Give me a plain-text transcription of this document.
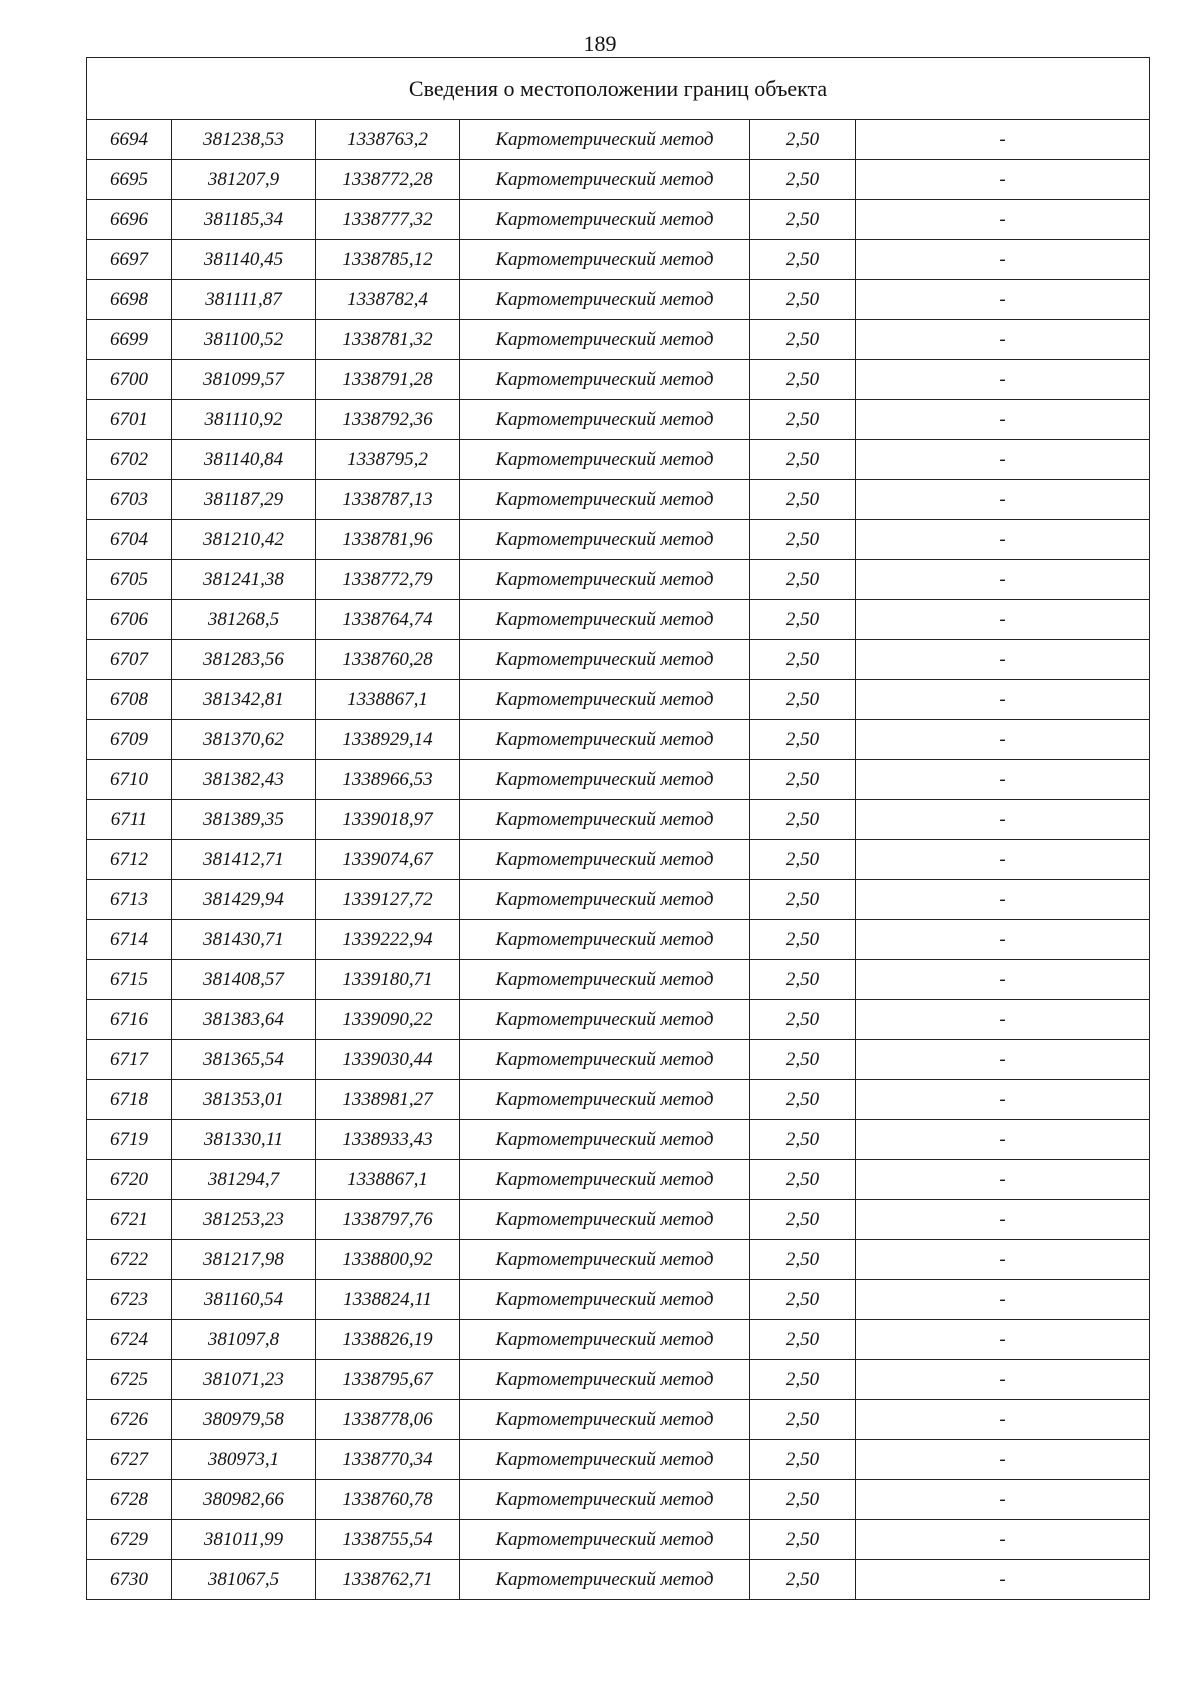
189
Сведения о местоположении границ объекта					
6694	381238,53	1338763,2	Картометрический метод	2,50	-
6695	381207,9	1338772,28	Картометрический метод	2,50	-
6696	381185,34	1338777,32	Картометрический метод	2,50	-
6697	381140,45	1338785,12	Картометрический метод	2,50	-
6698	381111,87	1338782,4	Картометрический метод	2,50	-
6699	381100,52	1338781,32	Картометрический метод	2,50	-
6700	381099,57	1338791,28	Картометрический метод	2,50	-
6701	381110,92	1338792,36	Картометрический метод	2,50	-
6702	381140,84	1338795,2	Картометрический метод	2,50	-
6703	381187,29	1338787,13	Картометрический метод	2,50	-
6704	381210,42	1338781,96	Картометрический метод	2,50	-
6705	381241,38	1338772,79	Картометрический метод	2,50	-
6706	381268,5	1338764,74	Картометрический метод	2,50	-
6707	381283,56	1338760,28	Картометрический метод	2,50	-
6708	381342,81	1338867,1	Картометрический метод	2,50	-
6709	381370,62	1338929,14	Картометрический метод	2,50	-
6710	381382,43	1338966,53	Картометрический метод	2,50	-
6711	381389,35	1339018,97	Картометрический метод	2,50	-
6712	381412,71	1339074,67	Картометрический метод	2,50	-
6713	381429,94	1339127,72	Картометрический метод	2,50	-
6714	381430,71	1339222,94	Картометрический метод	2,50	-
6715	381408,57	1339180,71	Картометрический метод	2,50	-
6716	381383,64	1339090,22	Картометрический метод	2,50	-
6717	381365,54	1339030,44	Картометрический метод	2,50	-
6718	381353,01	1338981,27	Картометрический метод	2,50	-
6719	381330,11	1338933,43	Картометрический метод	2,50	-
6720	381294,7	1338867,1	Картометрический метод	2,50	-
6721	381253,23	1338797,76	Картометрический метод	2,50	-
6722	381217,98	1338800,92	Картометрический метод	2,50	-
6723	381160,54	1338824,11	Картометрический метод	2,50	-
6724	381097,8	1338826,19	Картометрический метод	2,50	-
6725	381071,23	1338795,67	Картометрический метод	2,50	-
6726	380979,58	1338778,06	Картометрический метод	2,50	-
6727	380973,1	1338770,34	Картометрический метод	2,50	-
6728	380982,66	1338760,78	Картометрический метод	2,50	-
6729	381011,99	1338755,54	Картометрический метод	2,50	-
6730	381067,5	1338762,71	Картометрический метод	2,50	-
